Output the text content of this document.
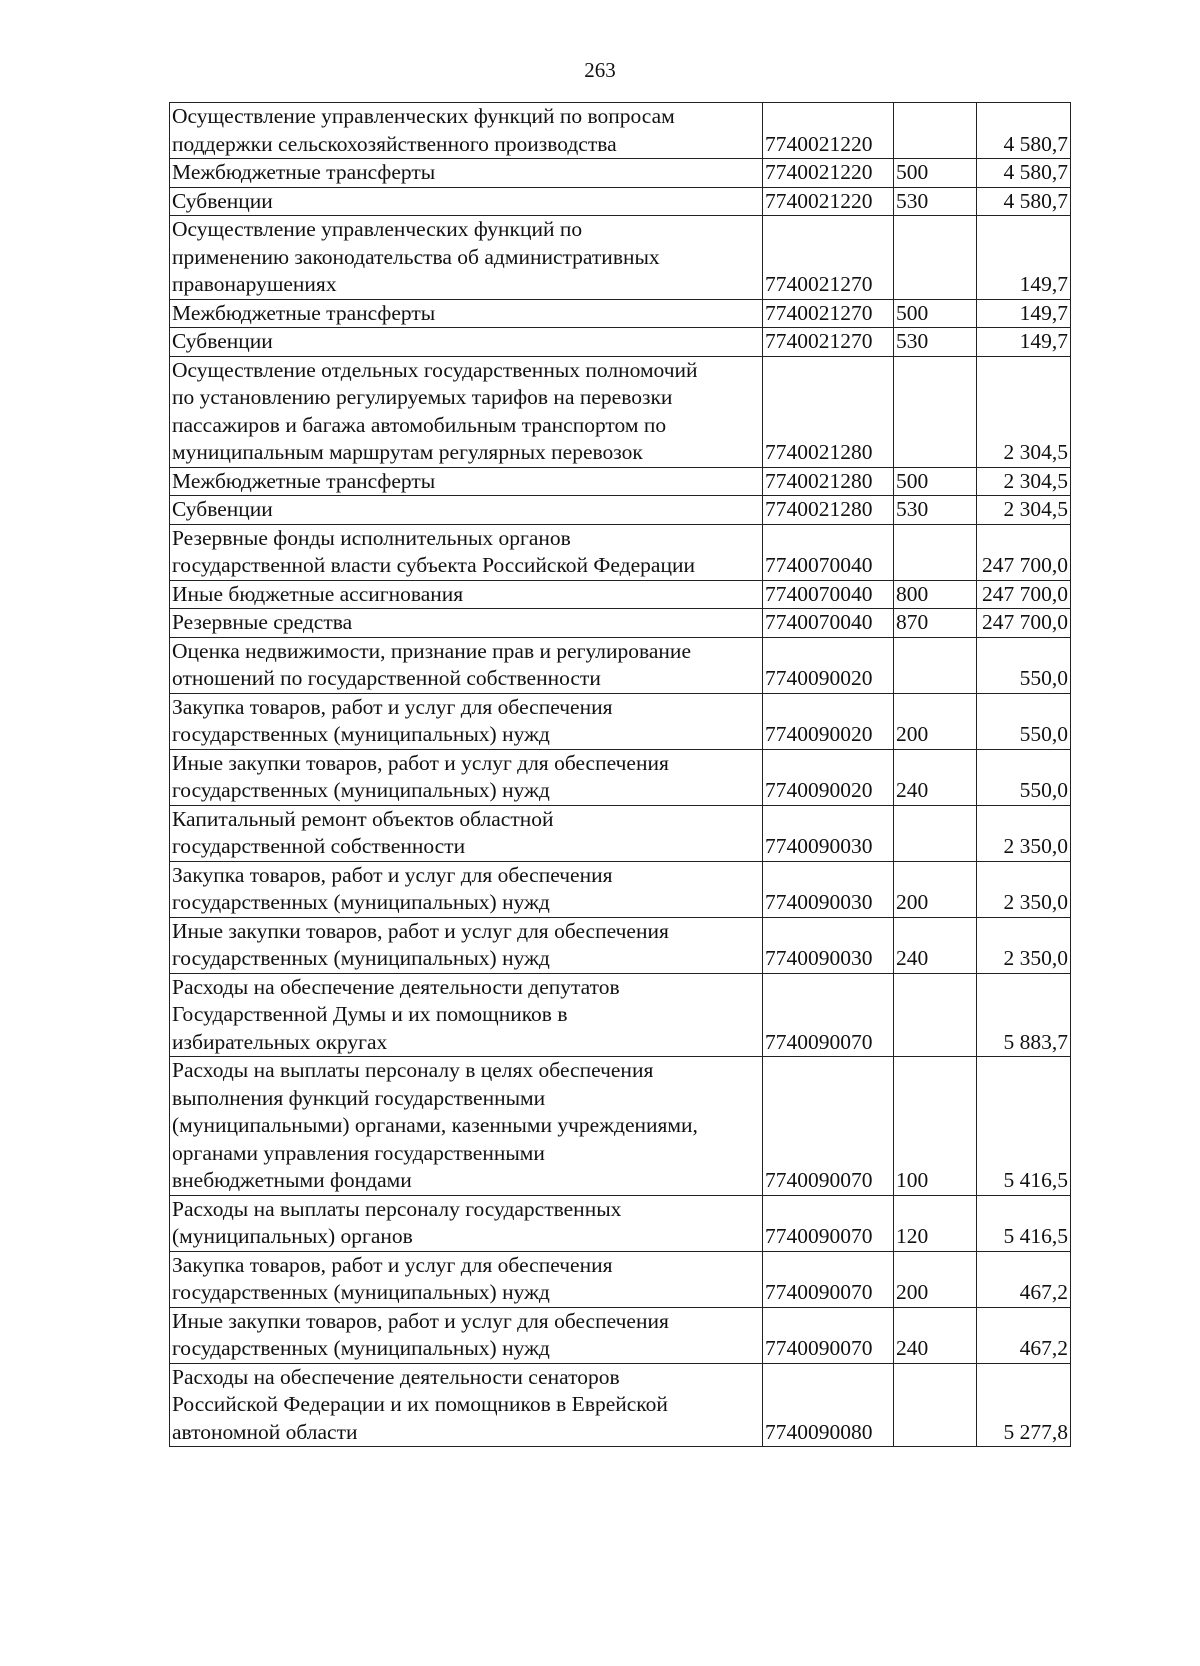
263
Осуществление управленческих функций по вопросам
поддержки сельскохозяйственного производства	7740021220		4 580,7

Межбюджетные трансферты	7740021220	500	4 580,7

Субвенции	7740021220	530	4 580,7

Осуществление управленческих функций по
применению законодательства об административных
правонарушениях	7740021270		149,7

Межбюджетные трансферты	7740021270	500	149,7

Субвенции	7740021270	530	149,7

Осуществление отдельных государственных полномочий
по установлению регулируемых тарифов на перевозки
пассажиров и багажа автомобильным транспортом по
муниципальным маршрутам регулярных перевозок	7740021280		2 304,5

Межбюджетные трансферты	7740021280	500	2 304,5

Субвенции	7740021280	530	2 304,5

Резервные фонды исполнительных органов
государственной власти субъекта Российской Федерации	7740070040		247 700,0

Иные бюджетные ассигнования	7740070040	800	247 700,0

Резервные средства	7740070040	870	247 700,0

Оценка недвижимости, признание прав и регулирование
отношений по государственной собственности	7740090020		550,0

Закупка товаров, работ и услуг для обеспечения
государственных (муниципальных) нужд	7740090020	200	550,0

Иные закупки товаров, работ и услуг для обеспечения
государственных (муниципальных) нужд	7740090020	240	550,0

Капитальный ремонт объектов областной
государственной собственности	7740090030		2 350,0

Закупка товаров, работ и услуг для обеспечения
государственных (муниципальных) нужд	7740090030	200	2 350,0

Иные закупки товаров, работ и услуг для обеспечения
государственных (муниципальных) нужд	7740090030	240	2 350,0

Расходы на обеспечение деятельности депутатов
Государственной Думы и их помощников в
избирательных округах	7740090070		5 883,7

Расходы на выплаты персоналу в целях обеспечения
выполнения функций государственными
(муниципальными) органами, казенными учреждениями,
органами управления государственными
внебюджетными фондами	7740090070	100	5 416,5

Расходы на выплаты персоналу государственных
(муниципальных) органов	7740090070	120	5 416,5

Закупка товаров, работ и услуг для обеспечения
государственных (муниципальных) нужд	7740090070	200	467,2

Иные закупки товаров, работ и услуг для обеспечения
государственных (муниципальных) нужд	7740090070	240	467,2

Расходы на обеспечение деятельности сенаторов
Российской Федерации и их помощников в Еврейской
автономной области	7740090080		5 277,8
